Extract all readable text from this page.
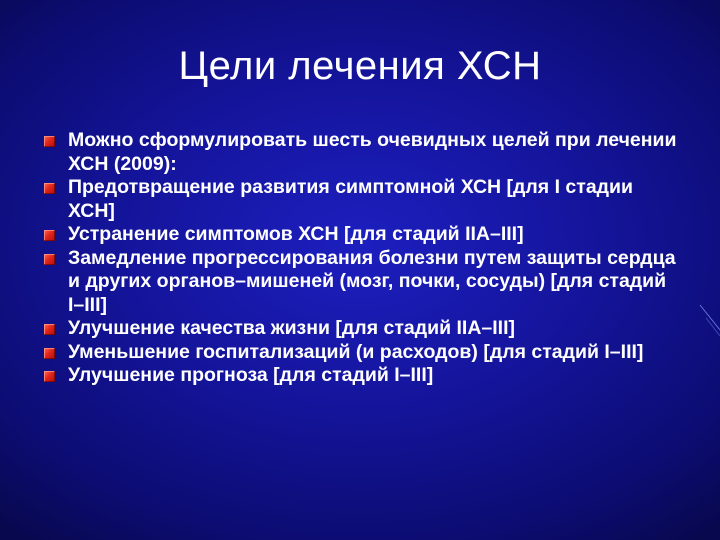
Цели лечения ХСН
Можно сформулировать шесть очевидных целей при лечении ХСН (2009):
Предотвращение развития симптомной ХСН [для I стадии ХСН]
Устранение симптомов ХСН [для стадий IIA–III]
Замедление прогрессирования болезни путем защиты сердца и других органов–мишеней (мозг, почки, сосуды) [для стадий I–III]
Улучшение качества жизни [для стадий IIA–III]
Уменьшение госпитализаций (и расходов) [для стадий I–III]
Улучшение прогноза [для стадий I–III]
